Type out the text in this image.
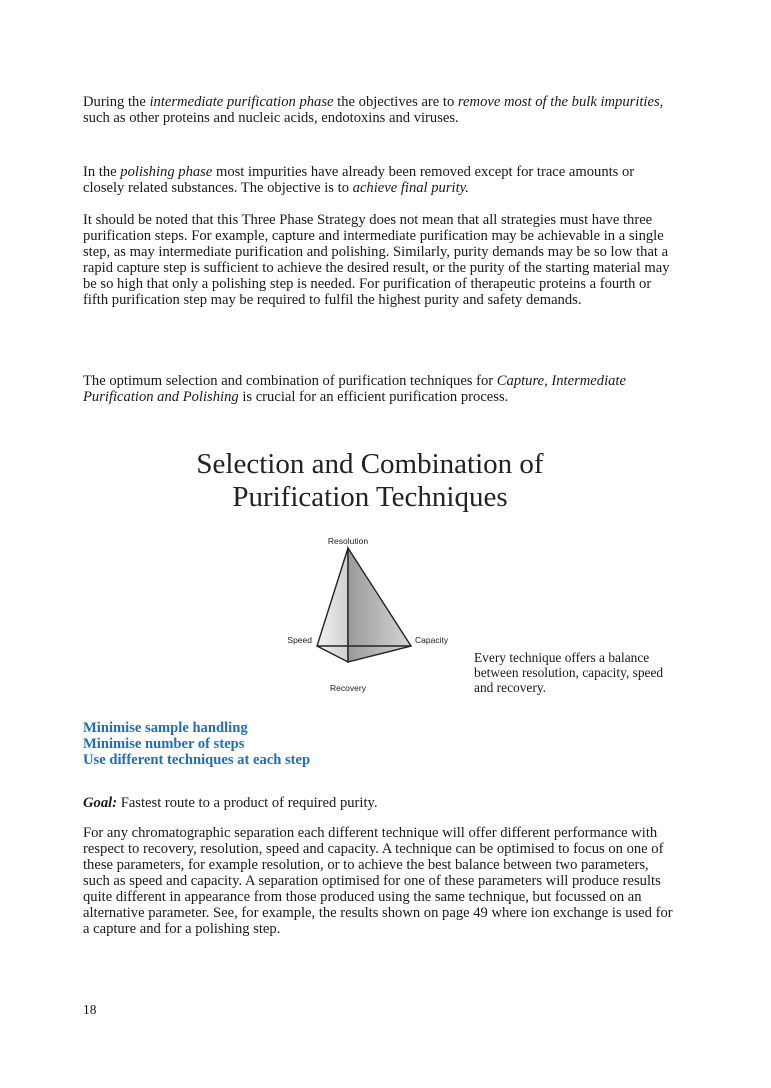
During the intermediate purification phase the objectives are to remove most of the bulk impurities, such as other proteins and nucleic acids, endotoxins and viruses.

In the polishing phase most impurities have already been removed except for trace amounts or closely related substances. The objective is to achieve final purity.

It should be noted that this Three Phase Strategy does not mean that all strategies must have three purification steps. For example, capture and intermediate purification may be achievable in a single step, as may intermediate purification and polishing. Similarly, purity demands may be so low that a rapid capture step is sufficient to achieve the desired result, or the purity of the starting material may be so high that only a polishing step is needed. For purification of therapeutic proteins a fourth or fifth purification step may be required to fulfil the highest purity and safety demands.

The optimum selection and combination of purification techniques for Capture, Intermediate Purification and Polishing is crucial for an efficient purification process.

Selection and Combination of
Purification Techniques
Resolution
Speed	Capacity
Recovery

Every technique offers a balance between resolution, capacity, speed and recovery.

Minimise sample handling
Minimise number of steps
Use different techniques at each step

Goal: Fastest route to a product of required purity.

For any chromatographic separation each different technique will offer different performance with respect to recovery, resolution, speed and capacity. A technique can be optimised to focus on one of these parameters, for example resolution, or to achieve the best balance between two parameters, such as speed and capacity. A separation optimised for one of these parameters will produce results quite different in appearance from those produced using the same technique, but focussed on an alternative parameter. See, for example, the results shown on page 49 where ion exchange is used for a capture and for a polishing step.

18
